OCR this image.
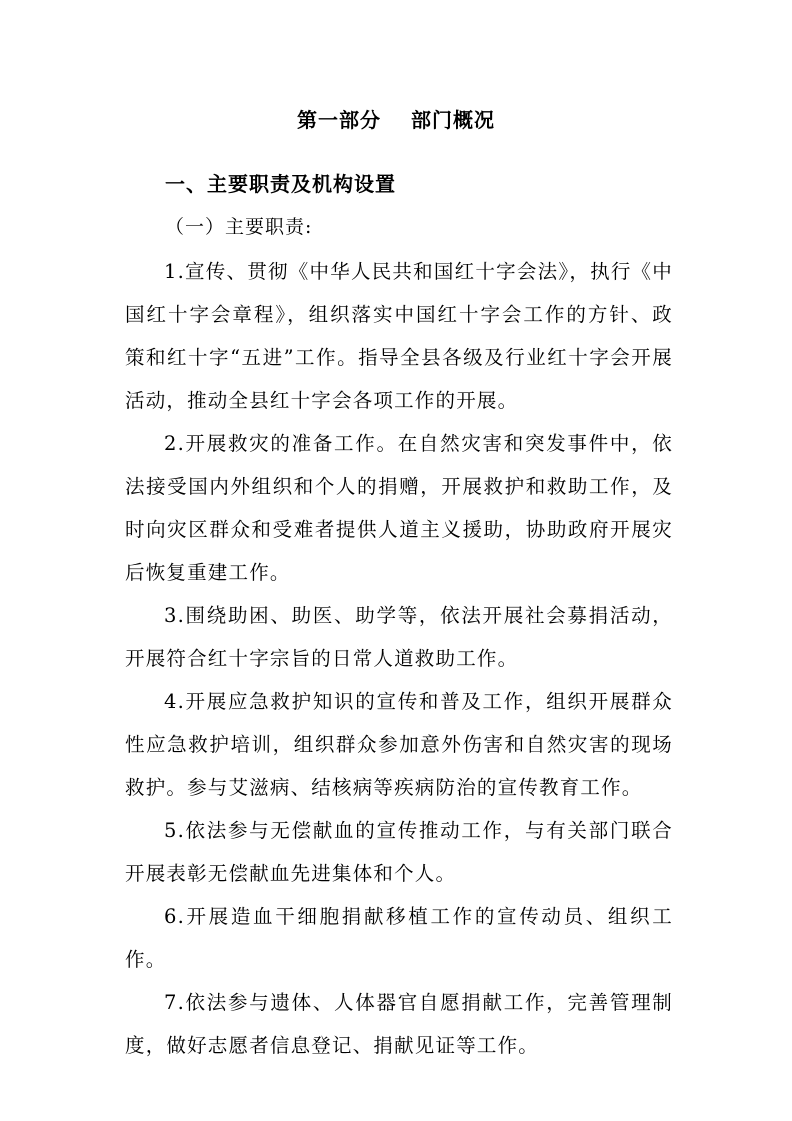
第一部分 部门概况
一、主要职责及机构设置
（一）主要职责:

1.宣传、贯彻《中华人民共和国红十字会法》，执行《中国红十字会章程》，组织落实中国红十字会工作的方针、政策和红十字“五进”工作。指导全县各级及行业红十字会开展活动，推动全县红十字会各项工作的开展。

2.开展救灾的准备工作。在自然灾害和突发事件中，依法接受国内外组织和个人的捐赠，开展救护和救助工作，及时向灾区群众和受难者提供人道主义援助，协助政府开展灾后恢复重建工作。

3.围绕助困、助医、助学等，依法开展社会募捐活动，开展符合红十字宗旨的日常人道救助工作。

4.开展应急救护知识的宣传和普及工作，组织开展群众性应急救护培训，组织群众参加意外伤害和自然灾害的现场救护。参与艾滋病、结核病等疾病防治的宣传教育工作。

5.依法参与无偿献血的宣传推动工作，与有关部门联合开展表彰无偿献血先进集体和个人。

6.开展造血干细胞捐献移植工作的宣传动员、组织工作。

7.依法参与遗体、人体器官自愿捐献工作，完善管理制度，做好志愿者信息登记、捐献见证等工作。
